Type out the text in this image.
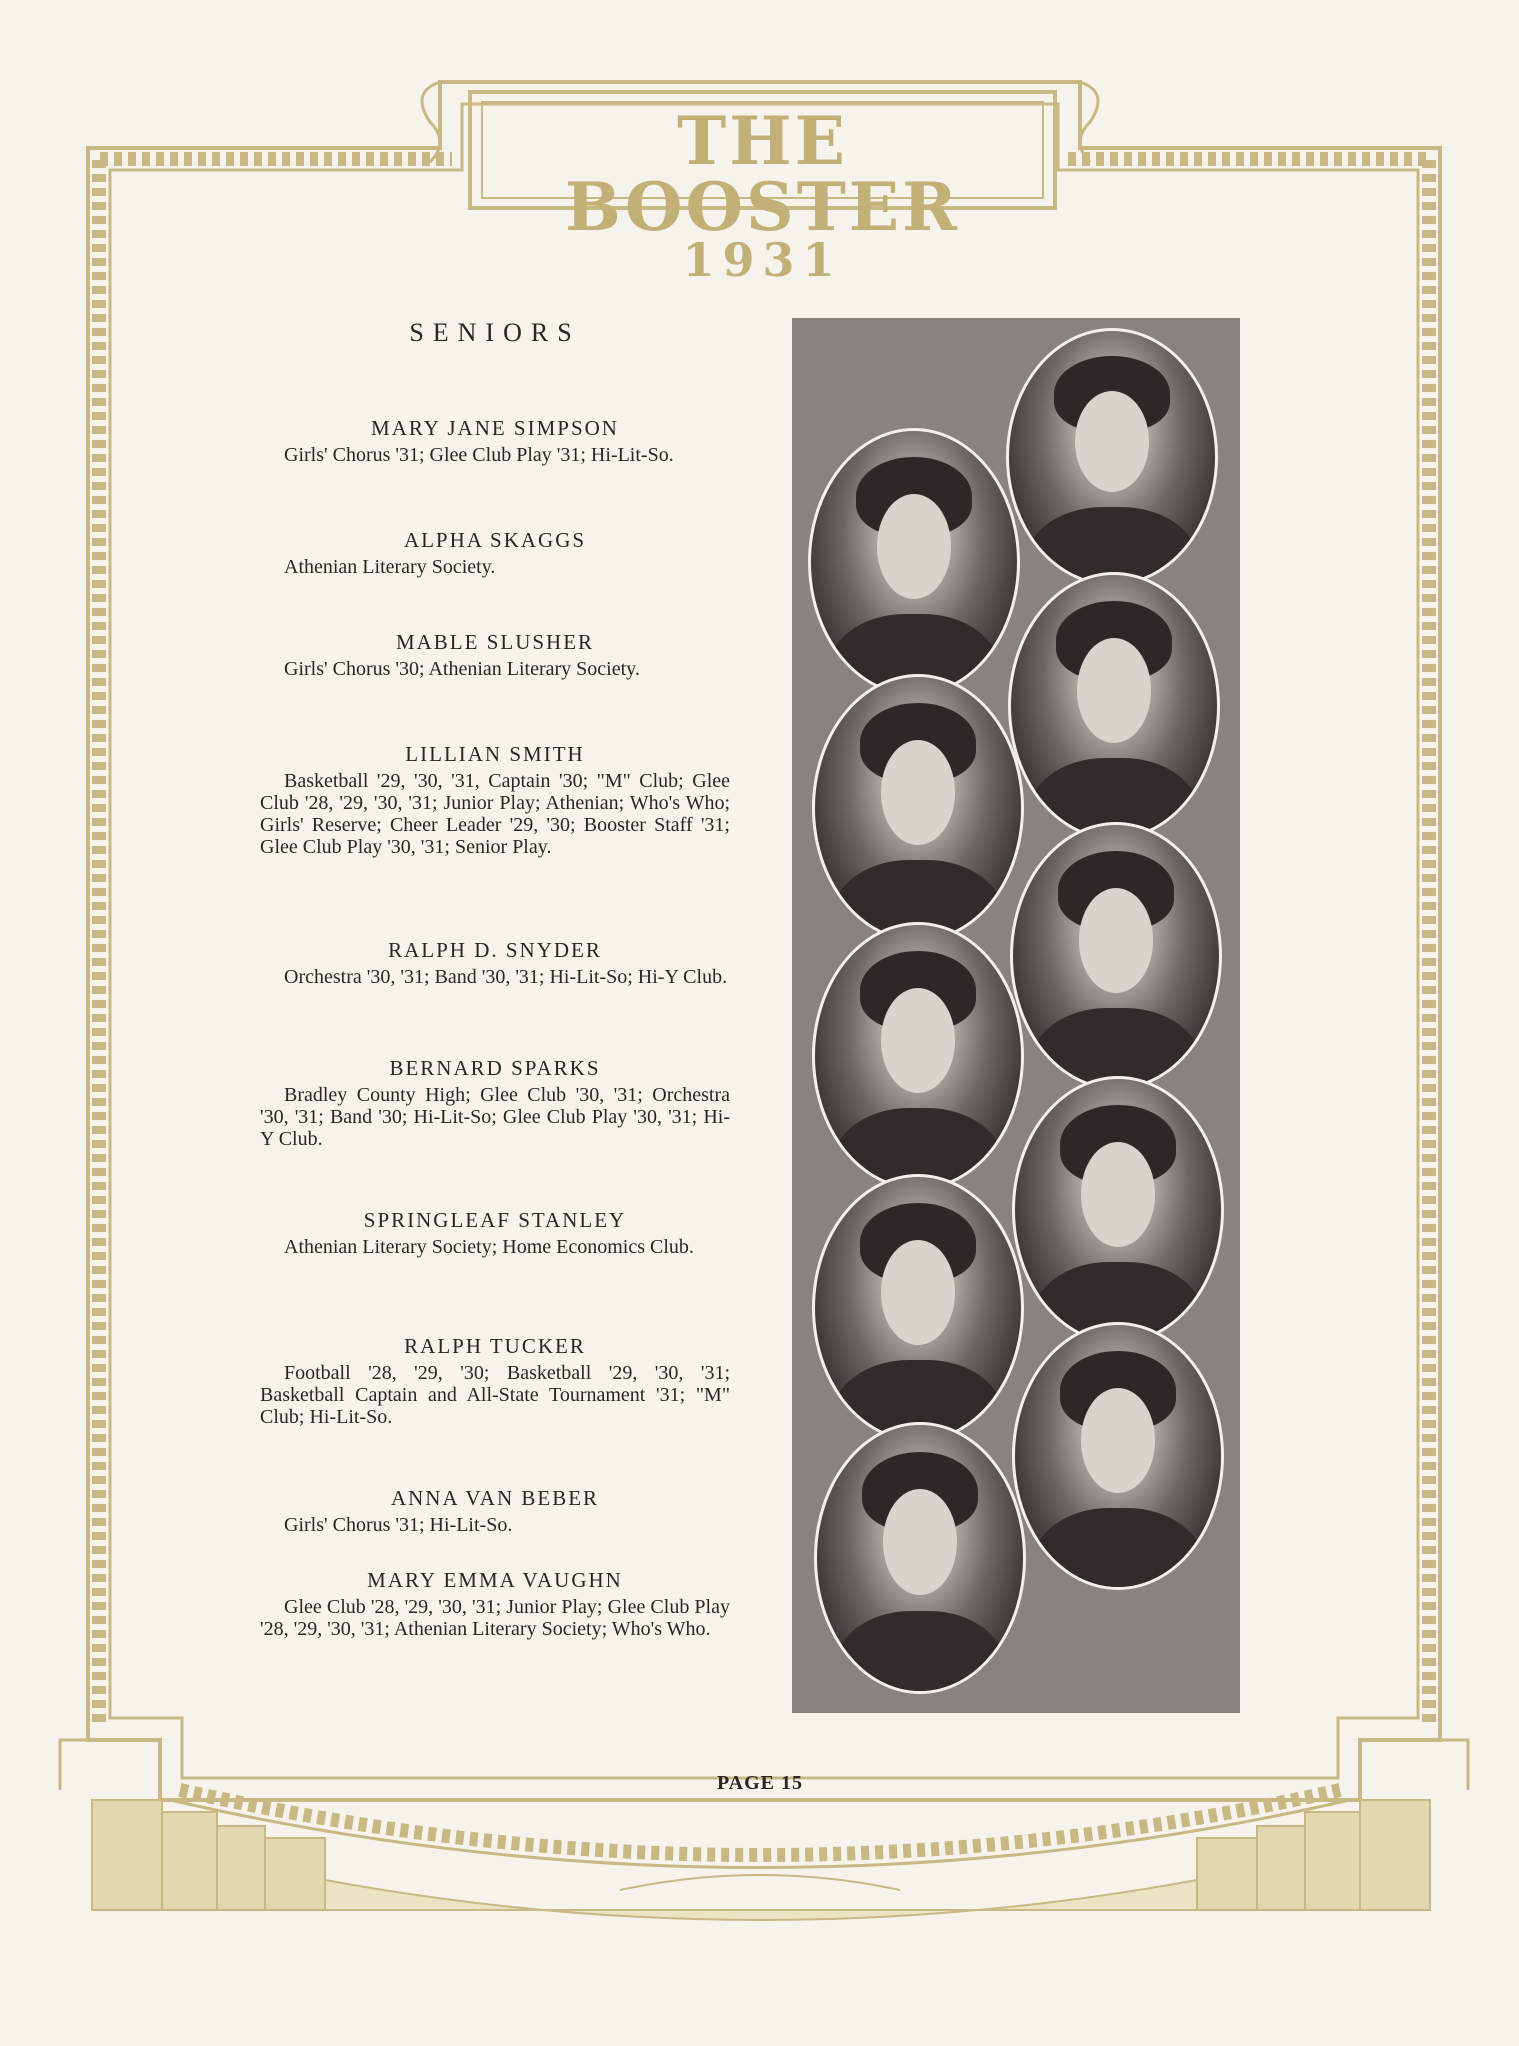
THE BOOSTER
1931
SENIORS

MARY JANE SIMPSON

Girls' Chorus '31; Glee Club Play '31; Hi-Lit-So.

ALPHA SKAGGS

Athenian Literary Society.

MABLE SLUSHER

Girls' Chorus '30; Athenian Literary Society.

LILLIAN SMITH

Basketball '29, '30, '31, Captain '30; "M" Club; Glee Club '28, '29, '30, '31; Junior Play; Athenian; Who's Who; Girls' Reserve; Cheer Leader '29, '30; Booster Staff '31; Glee Club Play '30, '31; Senior Play.

RALPH D. SNYDER

Orchestra '30, '31; Band '30, '31; Hi-Lit-So; Hi-Y Club.

BERNARD SPARKS

Bradley County High; Glee Club '30, '31; Orchestra '30, '31; Band '30; Hi-Lit-So; Glee Club Play '30, '31; Hi-Y Club.

SPRINGLEAF STANLEY

Athenian Literary Society; Home Economics Club.

RALPH TUCKER

Football '28, '29, '30; Basketball '29, '30, '31; Basketball Captain and All-State Tournament '31; "M" Club; Hi-Lit-So.

ANNA VAN BEBER

Girls' Chorus '31; Hi-Lit-So.

MARY EMMA VAUGHN

Glee Club '28, '29, '30, '31; Junior Play; Glee Club Play '28, '29, '30, '31; Athenian Literary Society; Who's Who.

PAGE 15
